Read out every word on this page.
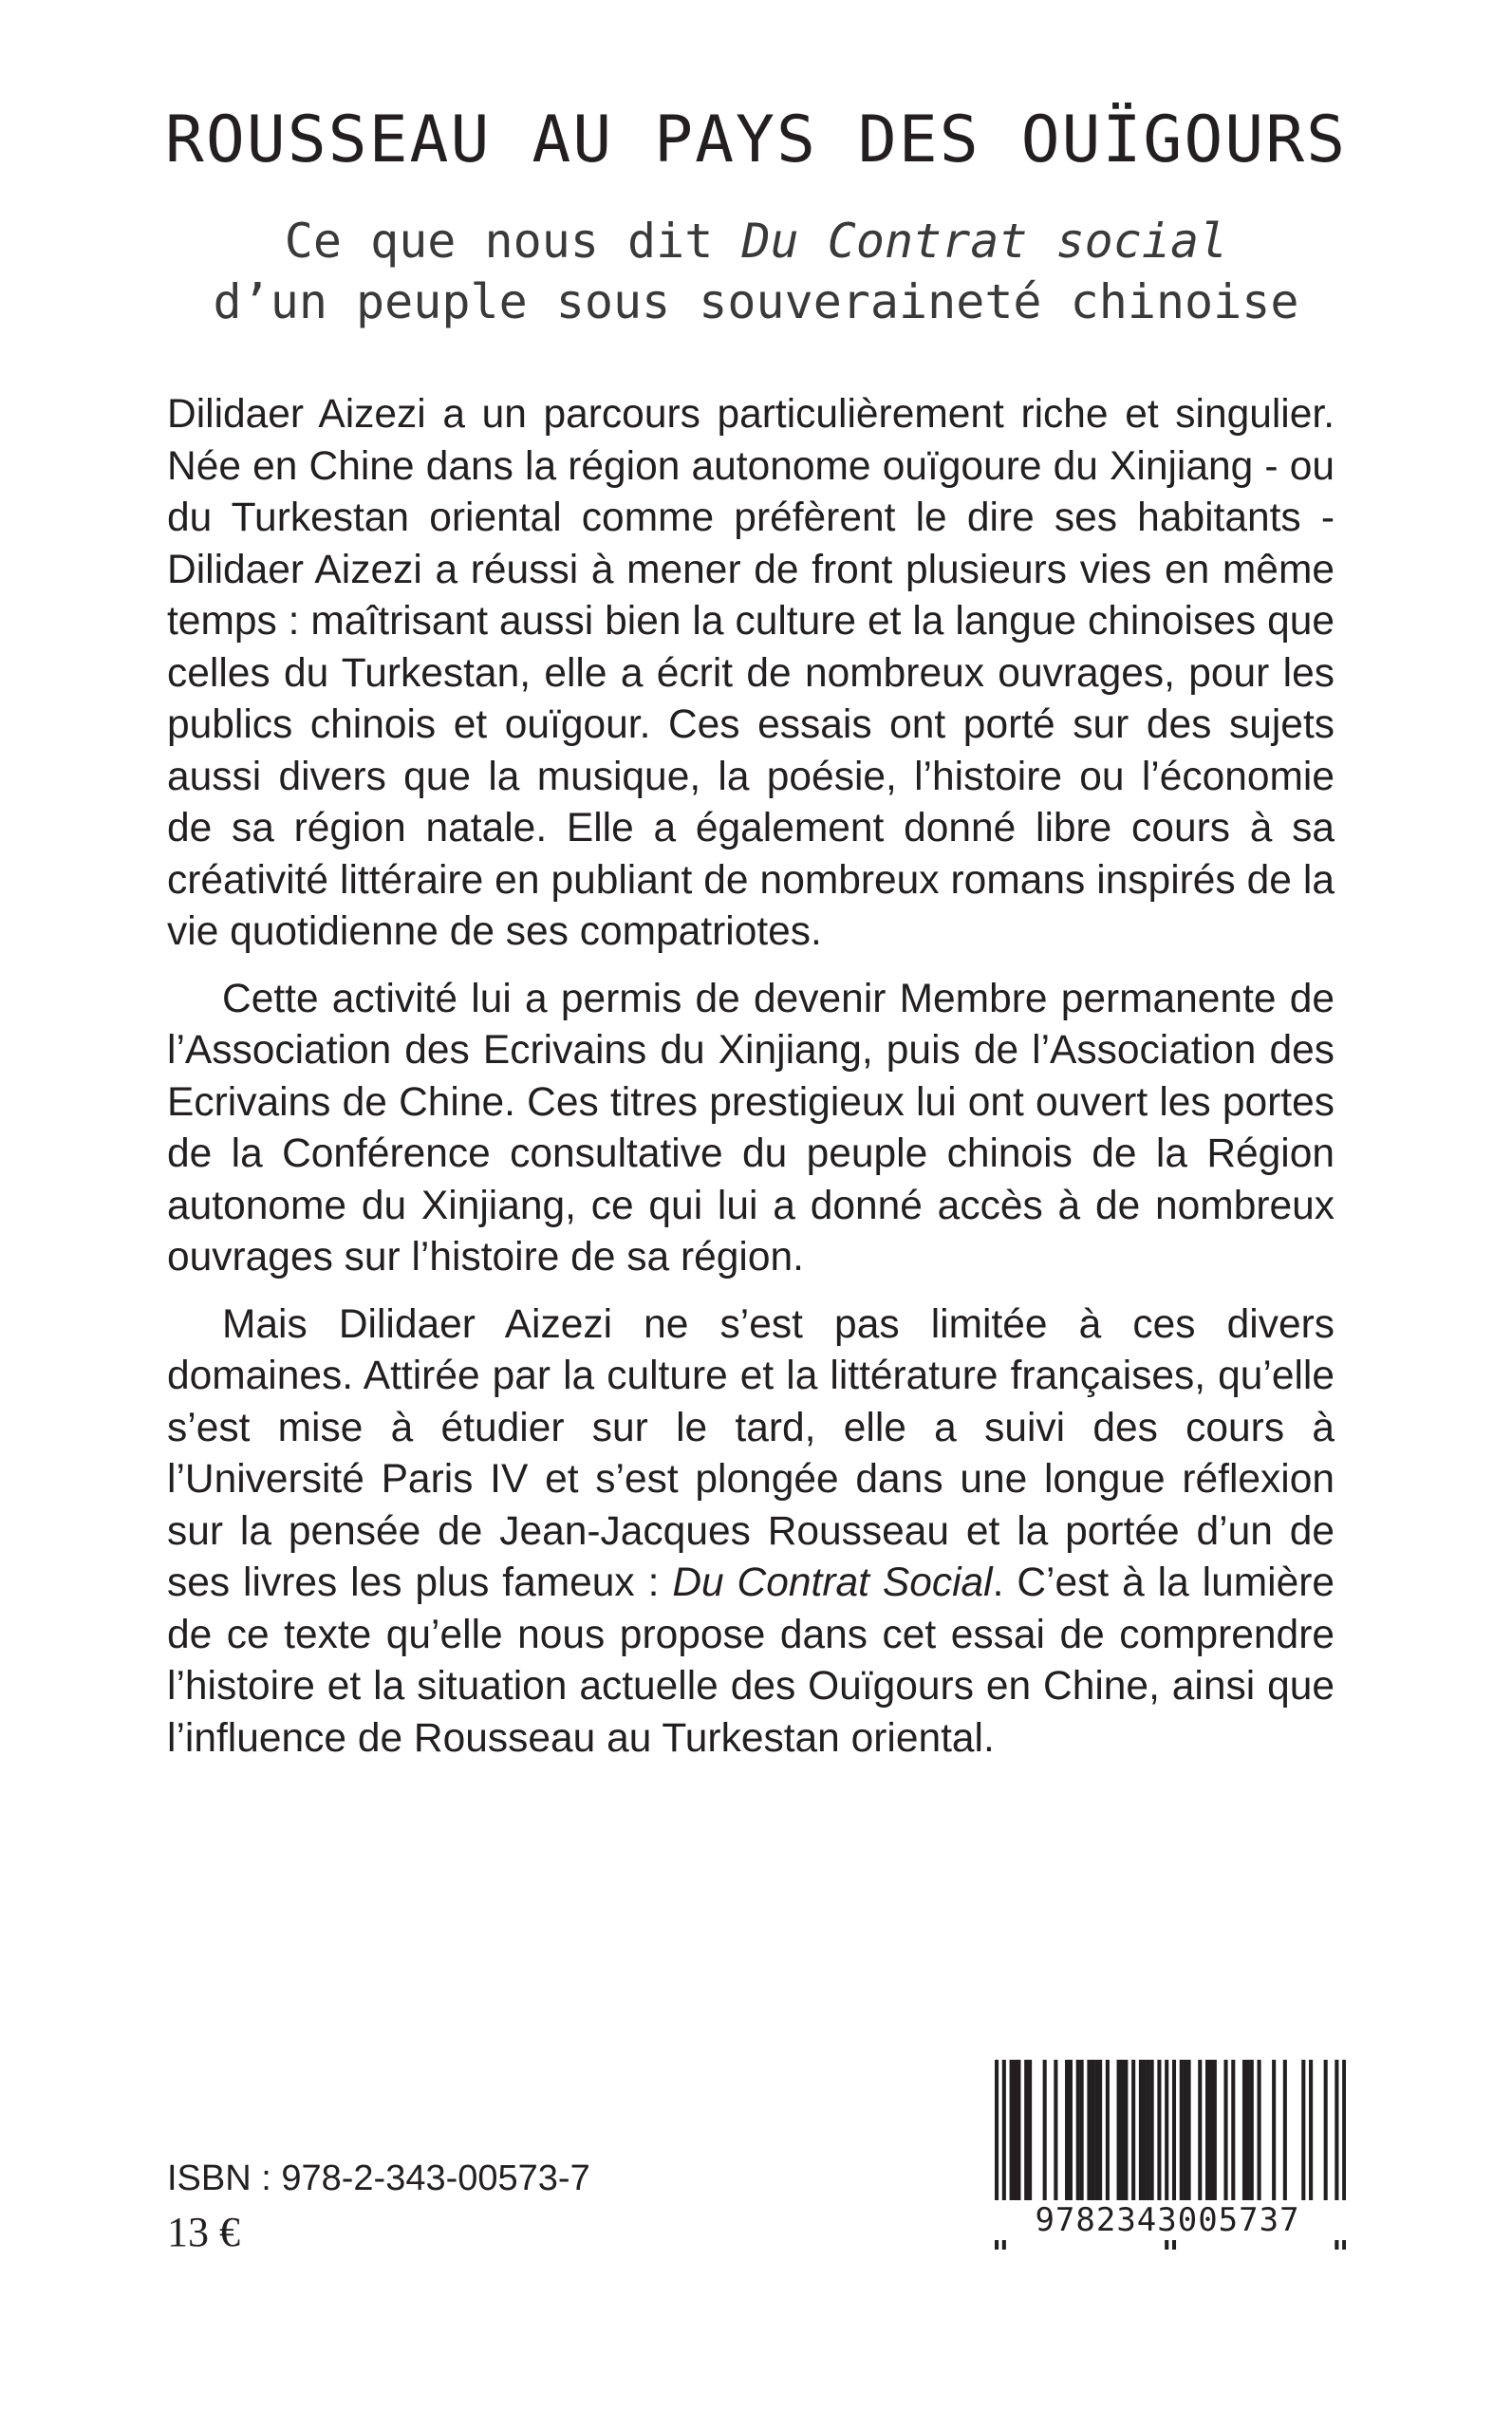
ROUSSEAU AU PAYS DES OUÏGOURS
Ce que nous dit Du Contrat social
d’un peuple sous souveraineté chinoise

Dilidaer Aizezi a un parcours particulièrement riche et singulier. Née en Chine dans la région autonome ouïgoure du Xinjiang - ou du Turkestan oriental comme préfèrent le dire ses habitants - Dilidaer Aizezi a réussi à mener de front plusieurs vies en même temps : maîtrisant aussi bien la culture et la langue chinoises que celles du Turkestan, elle a écrit de nombreux ouvrages, pour les publics chinois et ouïgour. Ces essais ont porté sur des sujets aussi divers que la musique, la poésie, l’histoire ou l’économie de sa région natale. Elle a également donné libre cours à sa créativité littéraire en publiant de nombreux romans inspirés de la vie quotidienne de ses compatriotes.

Cette activité lui a permis de devenir Membre permanente de l’Association des Ecrivains du Xinjiang, puis de l’Association des Ecrivains de Chine. Ces titres prestigieux lui ont ouvert les portes de la Conférence consultative du peuple chinois de la Région autonome du Xinjiang, ce qui lui a donné accès à de nombreux ouvrages sur l’histoire de sa région.

Mais Dilidaer Aizezi ne s’est pas limitée à ces divers domaines. Attirée par la culture et la littérature françaises, qu’elle s’est mise à étudier sur le tard, elle a suivi des cours à l’Université Paris IV et s’est plongée dans une longue réflexion sur la pensée de Jean-Jacques Rousseau et la portée d’un de ses livres les plus fameux : Du Contrat Social. C’est à la lumière de ce texte qu’elle nous propose dans cet essai de comprendre l’histoire et la situation actuelle des Ouïgours en Chine, ainsi que l’influence de Rousseau au Turkestan oriental.

ISBN : 978-2-343-00573-7
13 €	9782343005737
